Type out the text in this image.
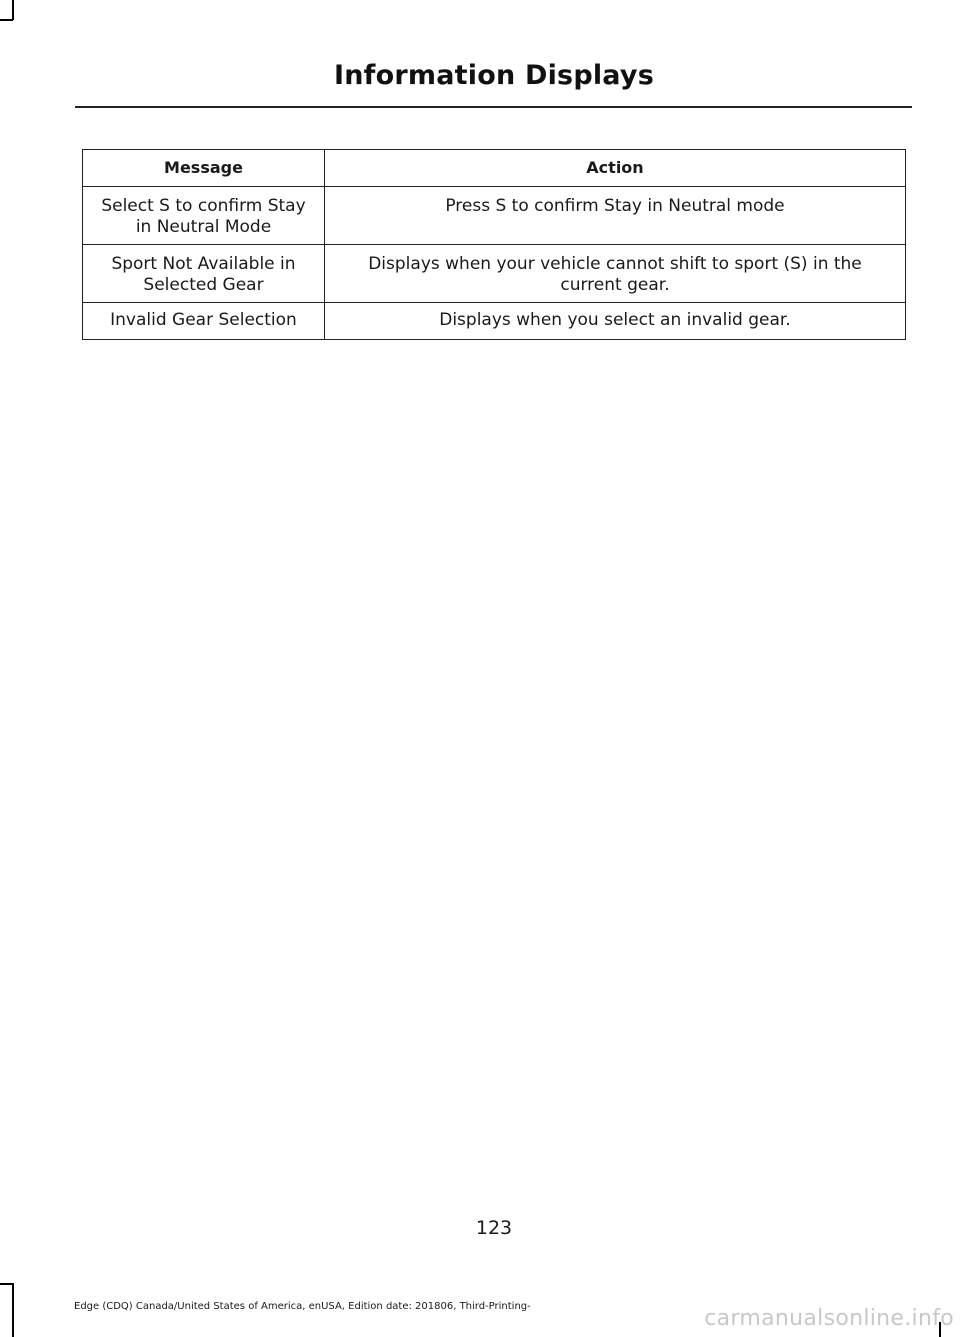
Information Displays
Message	Action
Select S to confirm Stay in Neutral Mode	Press S to confirm Stay in Neutral mode
Sport Not Available in Selected Gear	Displays when your vehicle cannot shift to sport (S) in the current gear.
Invalid Gear Selection	Displays when you select an invalid gear.
123
Edge (CDQ) Canada/United States of America, enUSA, Edition date: 201806, Third-Printing-	carmanualsonline.info
